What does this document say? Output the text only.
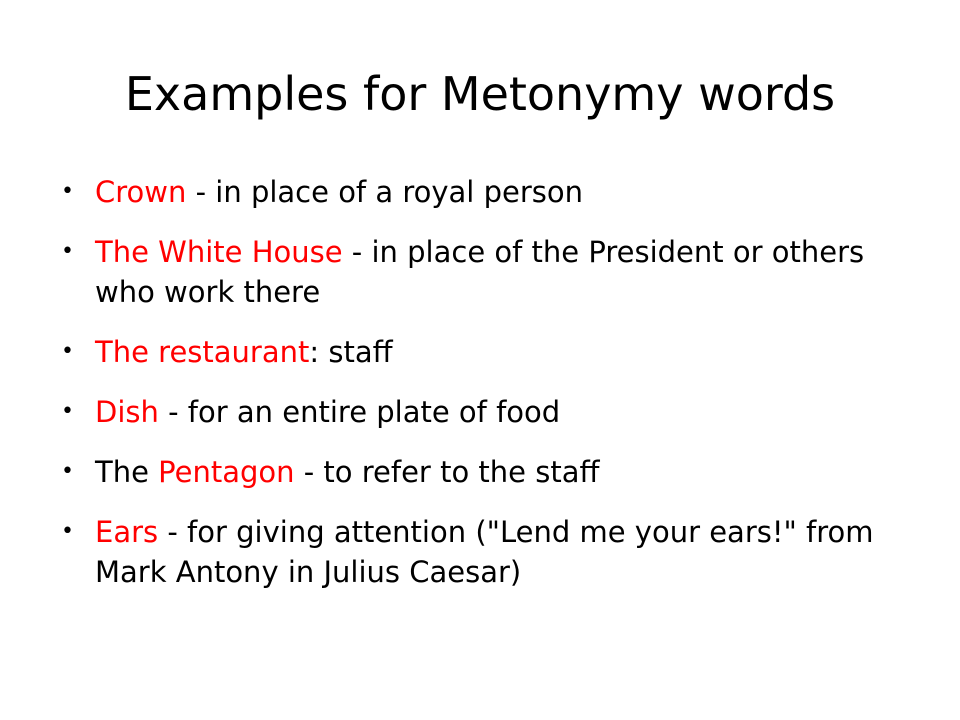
Examples for Metonymy words
• Crown - in place of a royal person
• The White House - in place of the President or others who work there
• The restaurant: staff
• Dish - for an entire plate of food
• The Pentagon - to refer to the staff
• Ears - for giving attention ("Lend me your ears!" from Mark Antony in Julius Caesar)
